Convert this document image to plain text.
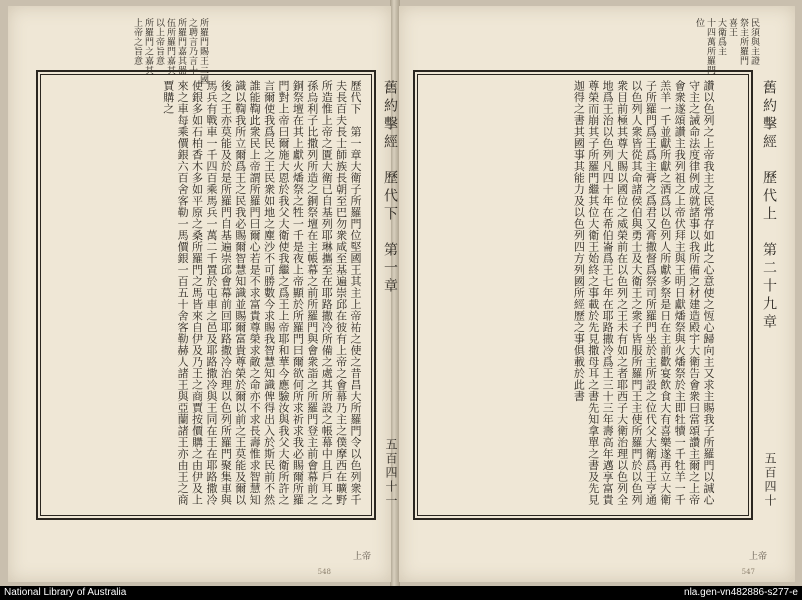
所羅門賜王二國
之聘言乃言十
所羅門嘉其器
伍所羅門嘉其
以上帝旨意
所羅門之嘉其
上帝之旨意
歷代下　第一章大衛子所羅門位堅國王其主上帝祐之使之昔昌大所羅門令以色列衆千夫長百夫長士師族長朝至巴勿衆咸至基遍崇邱在彼有上帝之會幕乃主之僕摩西在曠野所造惟上帝之匱大衛已自基列耶琳攜至在耶路撒冷所備之處其所設之帳幕中且戶耳之孫烏利子比撒列所造之銅祭壇在主帳幕之前所羅門與會衆詣之所羅門登主前會幕前之銅祭壇在其上獻火燔祭之牲一千是夜上帝顯於所羅門曰爾欲何所求祈求我必賜爾所羅門對上帝曰爾施大恩於我父大衛使我繼之爲王上帝耶和華今應驗汝與我父大衛所許之言爾使我爲民之王民衆如地之塵沙不可勝數今求賜我智慧知識俾得出入於斯民前不然誰能鞫此衆民上帝謂所羅門曰爾心若是不求富貴尊榮求敵之命亦不求長壽惟求智慧知識以鞫我所立爾爲王之民我必賜爾智慧知識並賜爾富貴尊榮於爾以前之王莫能及爾以後之王亦莫能及於是所羅門自基遍崇邱會幕前回耶路撒冷治理以色列所羅門聚集車與馬兵有戰車一千四百乘馬兵一萬二千置於屯車之邑及耶路撒冷與王同在王在耶路撒冷使銀多如石柏香木多如平原之桑所羅門之馬皆來自伊及乃王之商賈按價購之由伊及上來之車每乘價銀六百舍客勒一馬價銀一百五十舍客勒赫人諸王與亞蘭諸王亦由王之商賈購之	舊約擊經　歷代下　第一章
五百四十一
上帝
548
民須與主證
祭主所羅門
喜王
大衛爲主
十四萬所羅門
位
讚以色列之上帝我主之民常存如此之心意使之恆心歸向主又求主賜我子所羅門以誠心守主之誡命法度律例成就諸事以我所備之材建造殿宇大衛告會衆曰當頌讚主爾之上帝會衆遂頌讚主我列祖之上帝伏拜主與王明日獻燔祭與火燔祭於主即牡犢一千牡羊一千羔羊一千並獻所獻之酒爲以色列人所獻多祭是日在主前歡宴飲食大有喜樂遂再立大衛子所羅門爲王爲主膏之爲君又膏撒督爲祭司所羅門坐於主所設之位代父大衛爲王亨通以色列人衆皆從其命諸侯伯與勇士及大衛王之衆子皆服所羅門王主使所羅門於以色列衆目前極其尊大賜以國位之威榮前在以色列之王未有如之者耶西子大衛治理以色列全地爲王治以色列凡四十年在希伯崙爲王七年在耶路撒冷爲王三十三年壽高年邁享富貴尊榮而崩其子所羅門繼其位大衛王始終之事載於先見撒母耳之書先知拿單之書及先見迦得之書其國事其能力及以色列四方列國所經歷之事俱載於此書	舊約擊經　歷代上　第二十九章
五百四十
上帝
547
National Library of Australia	nla.gen-vn482886-s277-e
